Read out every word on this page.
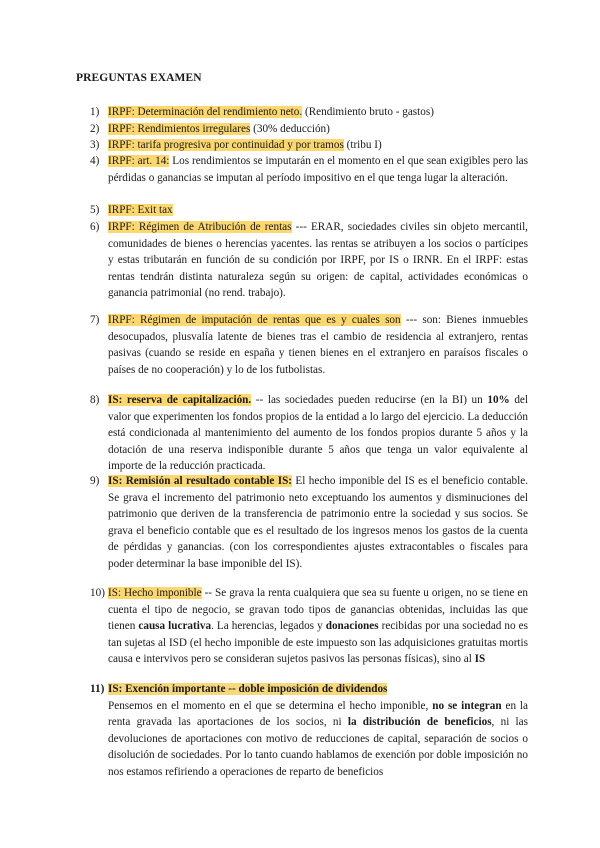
PREGUNTAS EXAMEN
1) IRPF: Determinación del rendimiento neto. (Rendimiento bruto - gastos)
2) IRPF: Rendimientos irregulares (30% deducción)
3) IRPF: tarifa progresiva por continuidad y por tramos (tribu I)
4) IRPF: art. 14: Los rendimientos se imputarán en el momento en el que sean exigibles pero las pérdidas o ganancias se imputan al período impositivo en el que tenga lugar la alteración.
5) IRPF: Exit tax
6) IRPF: Régimen de Atribución de rentas --- ERAR, sociedades civiles sin objeto mercantil, comunidades de bienes o herencias yacentes. las rentas se atribuyen a los socios o partícipes y estas tributarán en función de su condición por IRPF, por IS o IRNR. En el IRPF: estas rentas tendrán distinta naturaleza según su origen: de capital, actividades económicas o ganancia patrimonial (no rend. trabajo).
7) IRPF: Régimen de imputación de rentas que es y cuales son --- son: Bienes inmuebles desocupados, plusvalía latente de bienes tras el cambio de residencia al extranjero, rentas pasivas (cuando se reside en españa y tienen bienes en el extranjero en paraísos fiscales o países de no cooperación) y lo de los futbolistas.
8) IS: reserva de capitalización. -- las sociedades pueden reducirse (en la BI) un 10% del valor que experimenten los fondos propios de la entidad a lo largo del ejercicio. La deducción está condicionada al mantenimiento del aumento de los fondos propios durante 5 años y la dotación de una reserva indisponible durante 5 años que tenga un valor equivalente al importe de la reducción practicada.
9) IS: Remisión al resultado contable IS: El hecho imponible del IS es el beneficio contable. Se grava el incremento del patrimonio neto exceptuando los aumentos y disminuciones del patrimonio que deriven de la transferencia de patrimonio entre la sociedad y sus socios. Se grava el beneficio contable que es el resultado de los ingresos menos los gastos de la cuenta de pérdidas y ganancias. (con los correspondientes ajustes extracontables o fiscales para poder determinar la base imponible del IS).
10) IS: Hecho imponible -- Se grava la renta cualquiera que sea su fuente u origen, no se tiene en cuenta el tipo de negocio, se gravan todo tipos de ganancias obtenidas, incluidas las que tienen causa lucrativa. La herencias, legados y donaciones recibidas por una sociedad no es tan sujetas al ISD (el hecho imponible de este impuesto son las adquisiciones gratuitas mortis causa e intervivos pero se consideran sujetos pasivos las personas físicas), sino al IS
11) IS: Exención importante -- doble imposición de dividendos
Pensemos en el momento en el que se determina el hecho imponible, no se integran en la renta gravada las aportaciones de los socios, ni la distribución de beneficios, ni las devoluciones de aportaciones con motivo de reducciones de capital, separación de socios o disolución de sociedades. Por lo tanto cuando hablamos de exención por doble imposición no nos estamos refiriendo a operaciones de reparto de beneficios
